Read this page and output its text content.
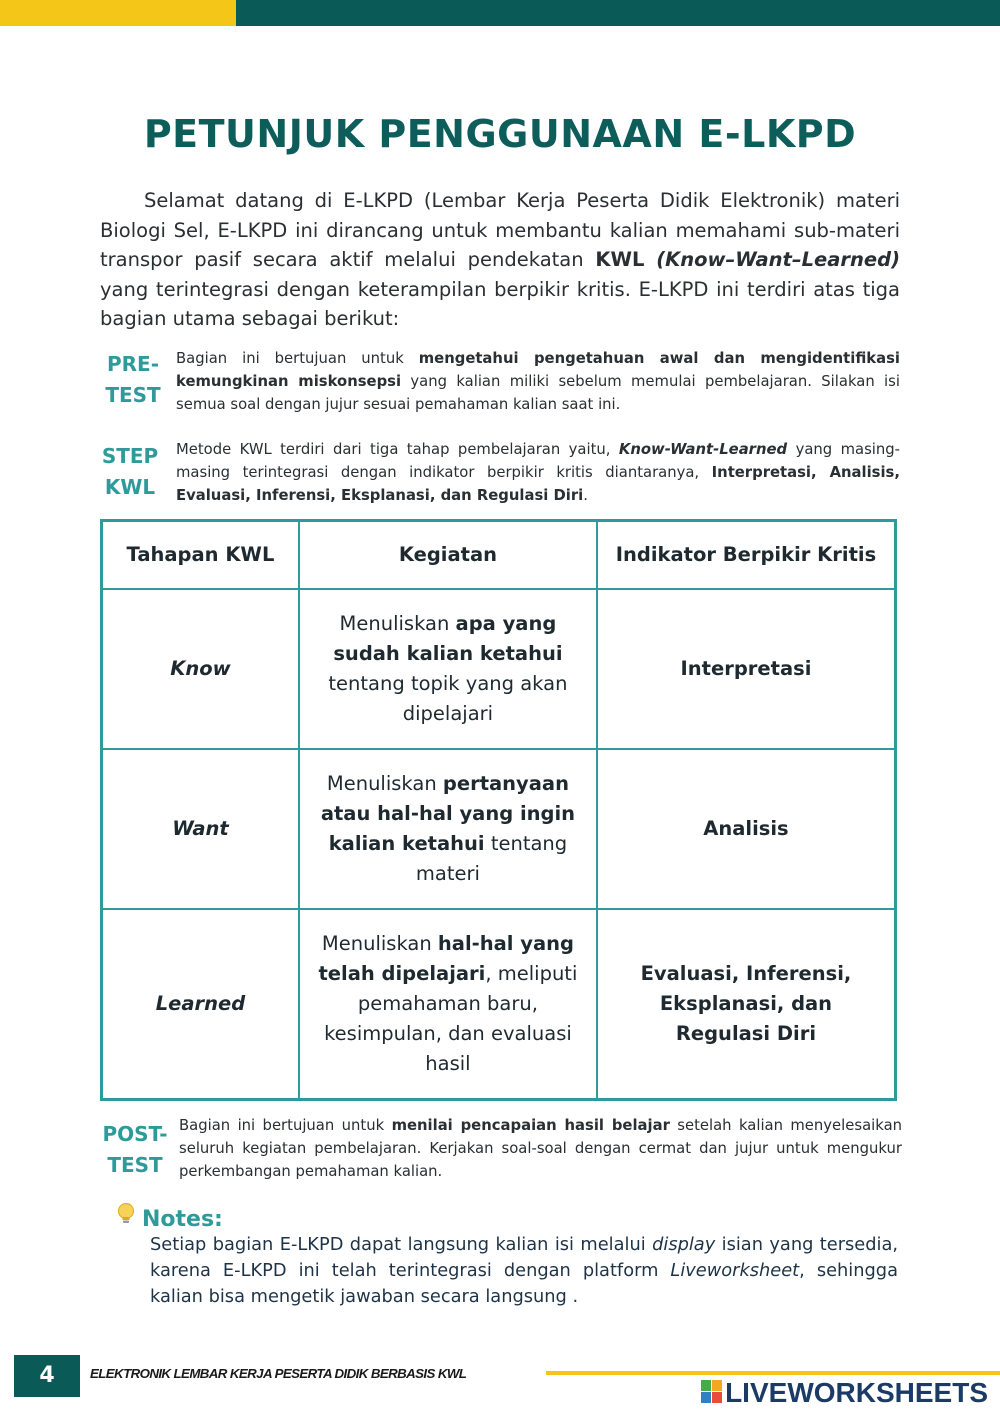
PETUNJUK PENGGUNAAN E-LKPD
Selamat datang di E-LKPD (Lembar Kerja Peserta Didik Elektronik) materi Biologi Sel, E-LKPD ini dirancang untuk membantu kalian memahami sub-materi transpor pasif secara aktif melalui pendekatan KWL (Know–Want–Learned) yang terintegrasi dengan keterampilan berpikir kritis. E-LKPD ini terdiri atas tiga bagian utama sebagai berikut:
PRE-
TEST
Bagian ini bertujuan untuk mengetahui pengetahuan awal dan mengidentifikasi kemungkinan miskonsepsi yang kalian miliki sebelum memulai pembelajaran. Silakan isi semua soal dengan jujur sesuai pemahaman kalian saat ini.
STEP
KWL
Metode KWL terdiri dari tiga tahap pembelajaran yaitu, Know-Want-Learned yang masing-masing terintegrasi dengan indikator berpikir kritis diantaranya, Interpretasi, Analisis, Evaluasi, Inferensi, Eksplanasi, dan Regulasi Diri.
Tahapan KWL	Kegiatan	Indikator Berpikir Kritis
Know	Menuliskan apa yang sudah kalian ketahui tentang topik yang akan dipelajari	Interpretasi
Want	Menuliskan pertanyaan atau hal-hal yang ingin kalian ketahui tentang materi	Analisis
Learned	Menuliskan hal-hal yang telah dipelajari, meliputi pemahaman baru, kesimpulan, dan evaluasi hasil	Evaluasi, Inferensi, Eksplanasi, dan Regulasi Diri
POST-
TEST
Bagian ini bertujuan untuk menilai pencapaian hasil belajar setelah kalian menyelesaikan seluruh kegiatan pembelajaran. Kerjakan soal-soal dengan cermat dan jujur untuk mengukur perkembangan pemahaman kalian.
Notes:
Setiap bagian E-LKPD dapat langsung kalian isi melalui display isian yang tersedia, karena E-LKPD ini telah terintegrasi dengan platform Liveworksheet, sehingga kalian bisa mengetik jawaban secara langsung .
4	ELEKTRONIK LEMBAR KERJA PESERTA DIDIK BERBASIS KWL
LIVEWORKSHEETS
